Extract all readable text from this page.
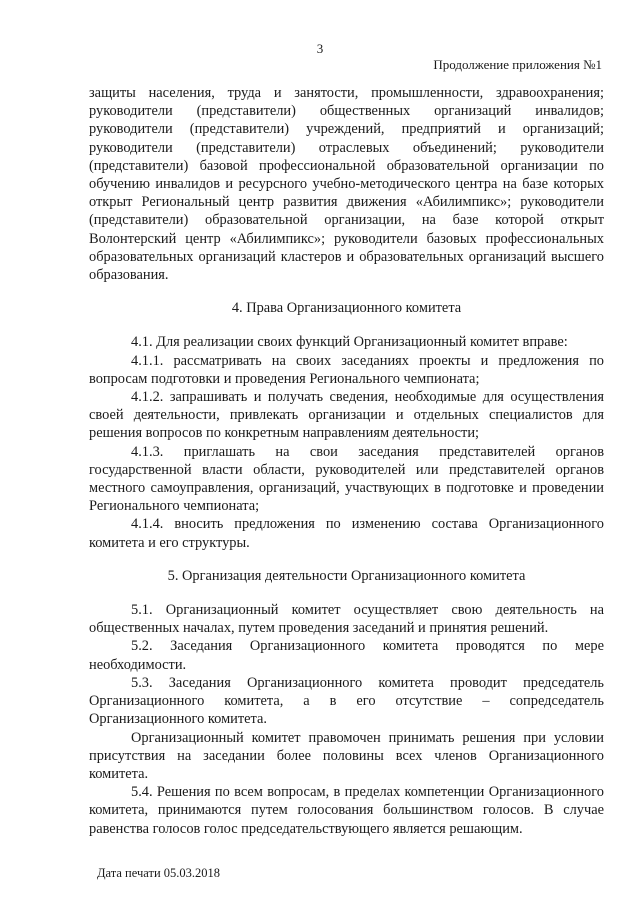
3
Продолжение приложения №1

защиты населения, труда и занятости, промышленности, здравоохранения; руководители (представители) общественных организаций инвалидов; руководители (представители) учреждений, предприятий и организаций; руководители (представители) отраслевых объединений; руководители (представители) базовой профессиональной образовательной организации по обучению инвалидов и ресурсного учебно-методического центра на базе которых открыт Региональный центр развития движения «Абилимпикс»; руководители (представители) образовательной организации, на базе которой открыт Волонтерский центр «Абилимпикс»; руководители базовых профессиональных образовательных организаций кластеров и образовательных организаций высшего образования.

4. Права Организационного комитета

4.1. Для реализации своих функций Организационный комитет вправе:

4.1.1. рассматривать на своих заседаниях проекты и предложения по вопросам подготовки и проведения Регионального чемпионата;

4.1.2. запрашивать и получать сведения, необходимые для осуществления своей деятельности, привлекать организации и отдельных специалистов для решения вопросов по конкретным направлениям деятельности;

4.1.3. приглашать на свои заседания представителей органов государственной власти области, руководителей или представителей органов местного самоуправления, организаций, участвующих в подготовке и проведении Регионального чемпионата;

4.1.4. вносить предложения по изменению состава Организационного комитета и его структуры.

5. Организация деятельности Организационного комитета

5.1. Организационный комитет осуществляет свою деятельность на общественных началах, путем проведения заседаний и принятия решений.

5.2. Заседания Организационного комитета проводятся по мере необходимости.

5.3. Заседания Организационного комитета проводит председатель Организационного комитета, а в его отсутствие – сопредседатель Организационного комитета.

Организационный комитет правомочен принимать решения при условии присутствия на заседании более половины всех членов Организационного комитета.

5.4. Решения по всем вопросам, в пределах компетенции Организационного комитета, принимаются путем голосования большинством голосов. В случае равенства голосов голос председательствующего является решающим.

Дата печати 05.03.2018
